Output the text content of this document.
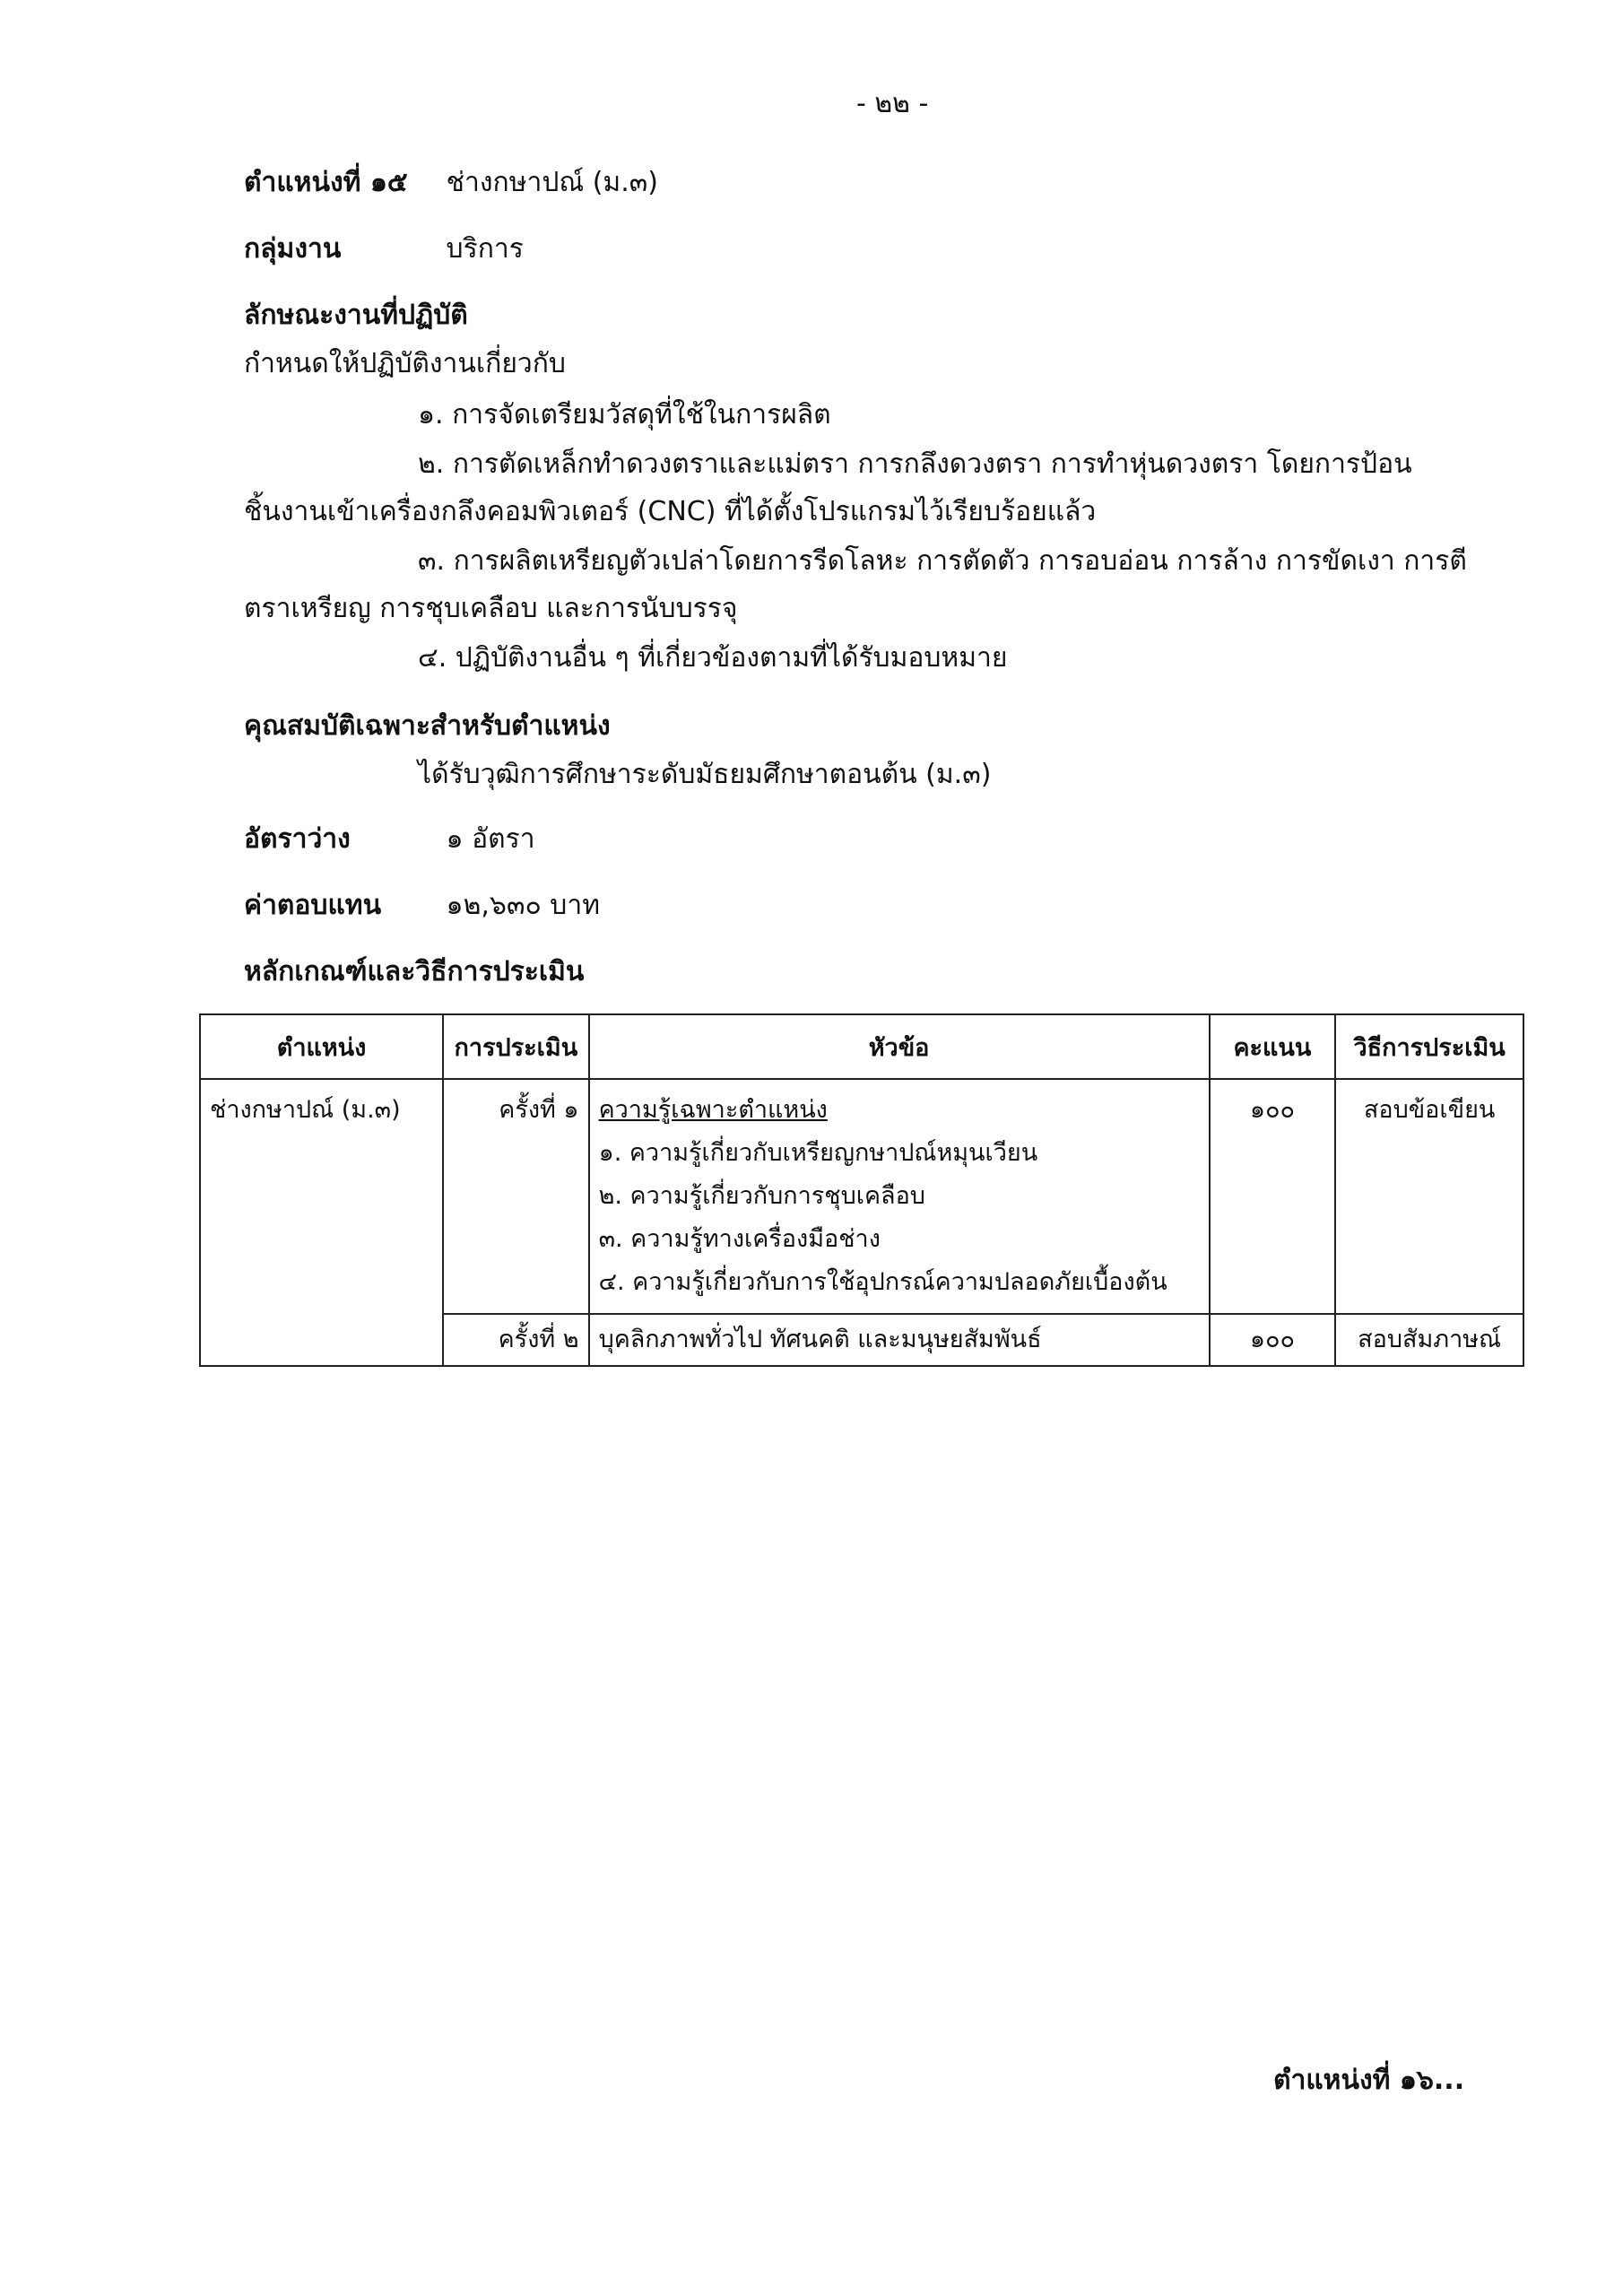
- ๒๒ -
ตำแหน่งที่ ๑๕ ช่างกษาปณ์ (ม.๓)
กลุ่มงาน	บริการ
ลักษณะงานที่ปฏิบัติ
กำหนดให้ปฏิบัติงานเกี่ยวกับ
๑. การจัดเตรียมวัสดุที่ใช้ในการผลิต
๒. การตัดเหล็กทำดวงตราและแม่ตรา การกลึงดวงตรา การทำหุ่นดวงตรา โดยการป้อน
ชิ้นงานเข้าเครื่องกลึงคอมพิวเตอร์ (CNC) ที่ได้ตั้งโปรแกรมไว้เรียบร้อยแล้ว
๓. การผลิตเหรียญตัวเปล่าโดยการรีดโลหะ การตัดตัว การอบอ่อน การล้าง การขัดเงา การตี
ตราเหรียญ การชุบเคลือบ และการนับบรรจุ
๔. ปฏิบัติงานอื่น ๆ ที่เกี่ยวข้องตามที่ได้รับมอบหมาย
คุณสมบัติเฉพาะสำหรับตำแหน่ง
ได้รับวุฒิการศึกษาระดับมัธยมศึกษาตอนต้น (ม.๓)
อัตราว่าง	๑ อัตรา
ค่าตอบแทน ๑๒,๖๓๐ บาท
หลักเกณฑ์และวิธีการประเมิน
ตำแหน่ง	การประเมิน	หัวข้อ	คะแนน	วิธีการประเมิน
ช่างกษาปณ์ (ม.๓)	ครั้งที่ ๑	ความรู้เฉพาะตำแหน่ง
๑. ความรู้เกี่ยวกับเหรียญกษาปณ์หมุนเวียน
๒. ความรู้เกี่ยวกับการชุบเคลือบ
๓. ความรู้ทางเครื่องมือช่าง
๔. ความรู้เกี่ยวกับการใช้อุปกรณ์ความปลอดภัยเบื้องต้น	๑๐๐	สอบข้อเขียน
	ครั้งที่ ๒	บุคลิกภาพทั่วไป ทัศนคติ และมนุษยสัมพันธ์	๑๐๐	สอบสัมภาษณ์
ตำแหน่งที่ ๑๖...
